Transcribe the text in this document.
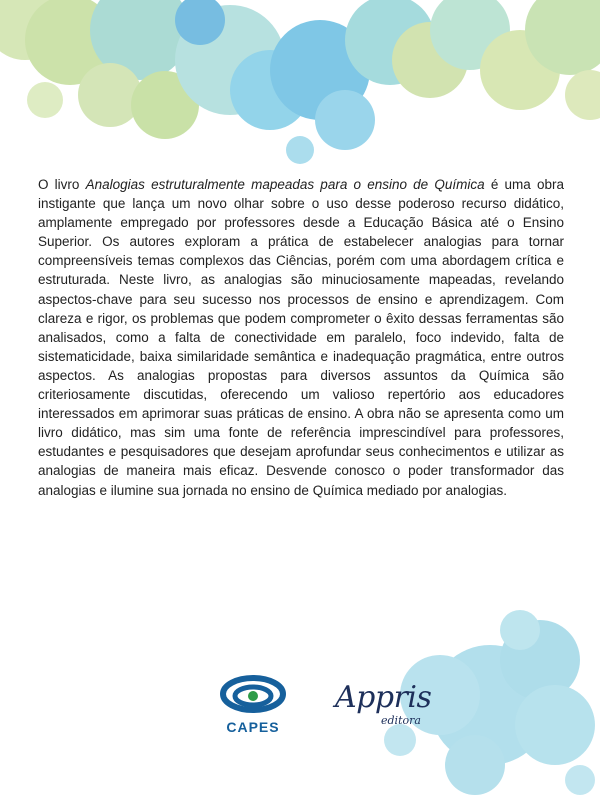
O livro Analogias estruturalmente mapeadas para o ensino de Química é uma obra instigante que lança um novo olhar sobre o uso desse poderoso recurso didático, amplamente empregado por professores desde a Educação Básica até o Ensino Superior. Os autores exploram a prática de estabelecer analogias para tornar compreensíveis temas complexos das Ciências, porém com uma abordagem crítica e estruturada. Neste livro, as analogias são minuciosamente mapeadas, revelando aspectos-chave para seu sucesso nos processos de ensino e aprendizagem. Com clareza e rigor, os problemas que podem comprometer o êxito dessas ferramentas são analisados, como a falta de conectividade em paralelo, foco indevido, falta de sistematicidade, baixa similaridade semântica e inadequação pragmática, entre outros aspectos. As analogias propostas para diversos assuntos da Química são criteriosamente discutidas, oferecendo um valioso repertório aos educadores interessados em aprimorar suas práticas de ensino. A obra não se apresenta como um livro didático, mas sim uma fonte de referência imprescindível para professores, estudantes e pesquisadores que desejam aprofundar seus conhecimentos e utilizar as analogias de maneira mais eficaz. Desvende conosco o poder transformador das analogias e ilumine sua jornada no ensino de Química mediado por analogias.

CAPES
Appris
editora
